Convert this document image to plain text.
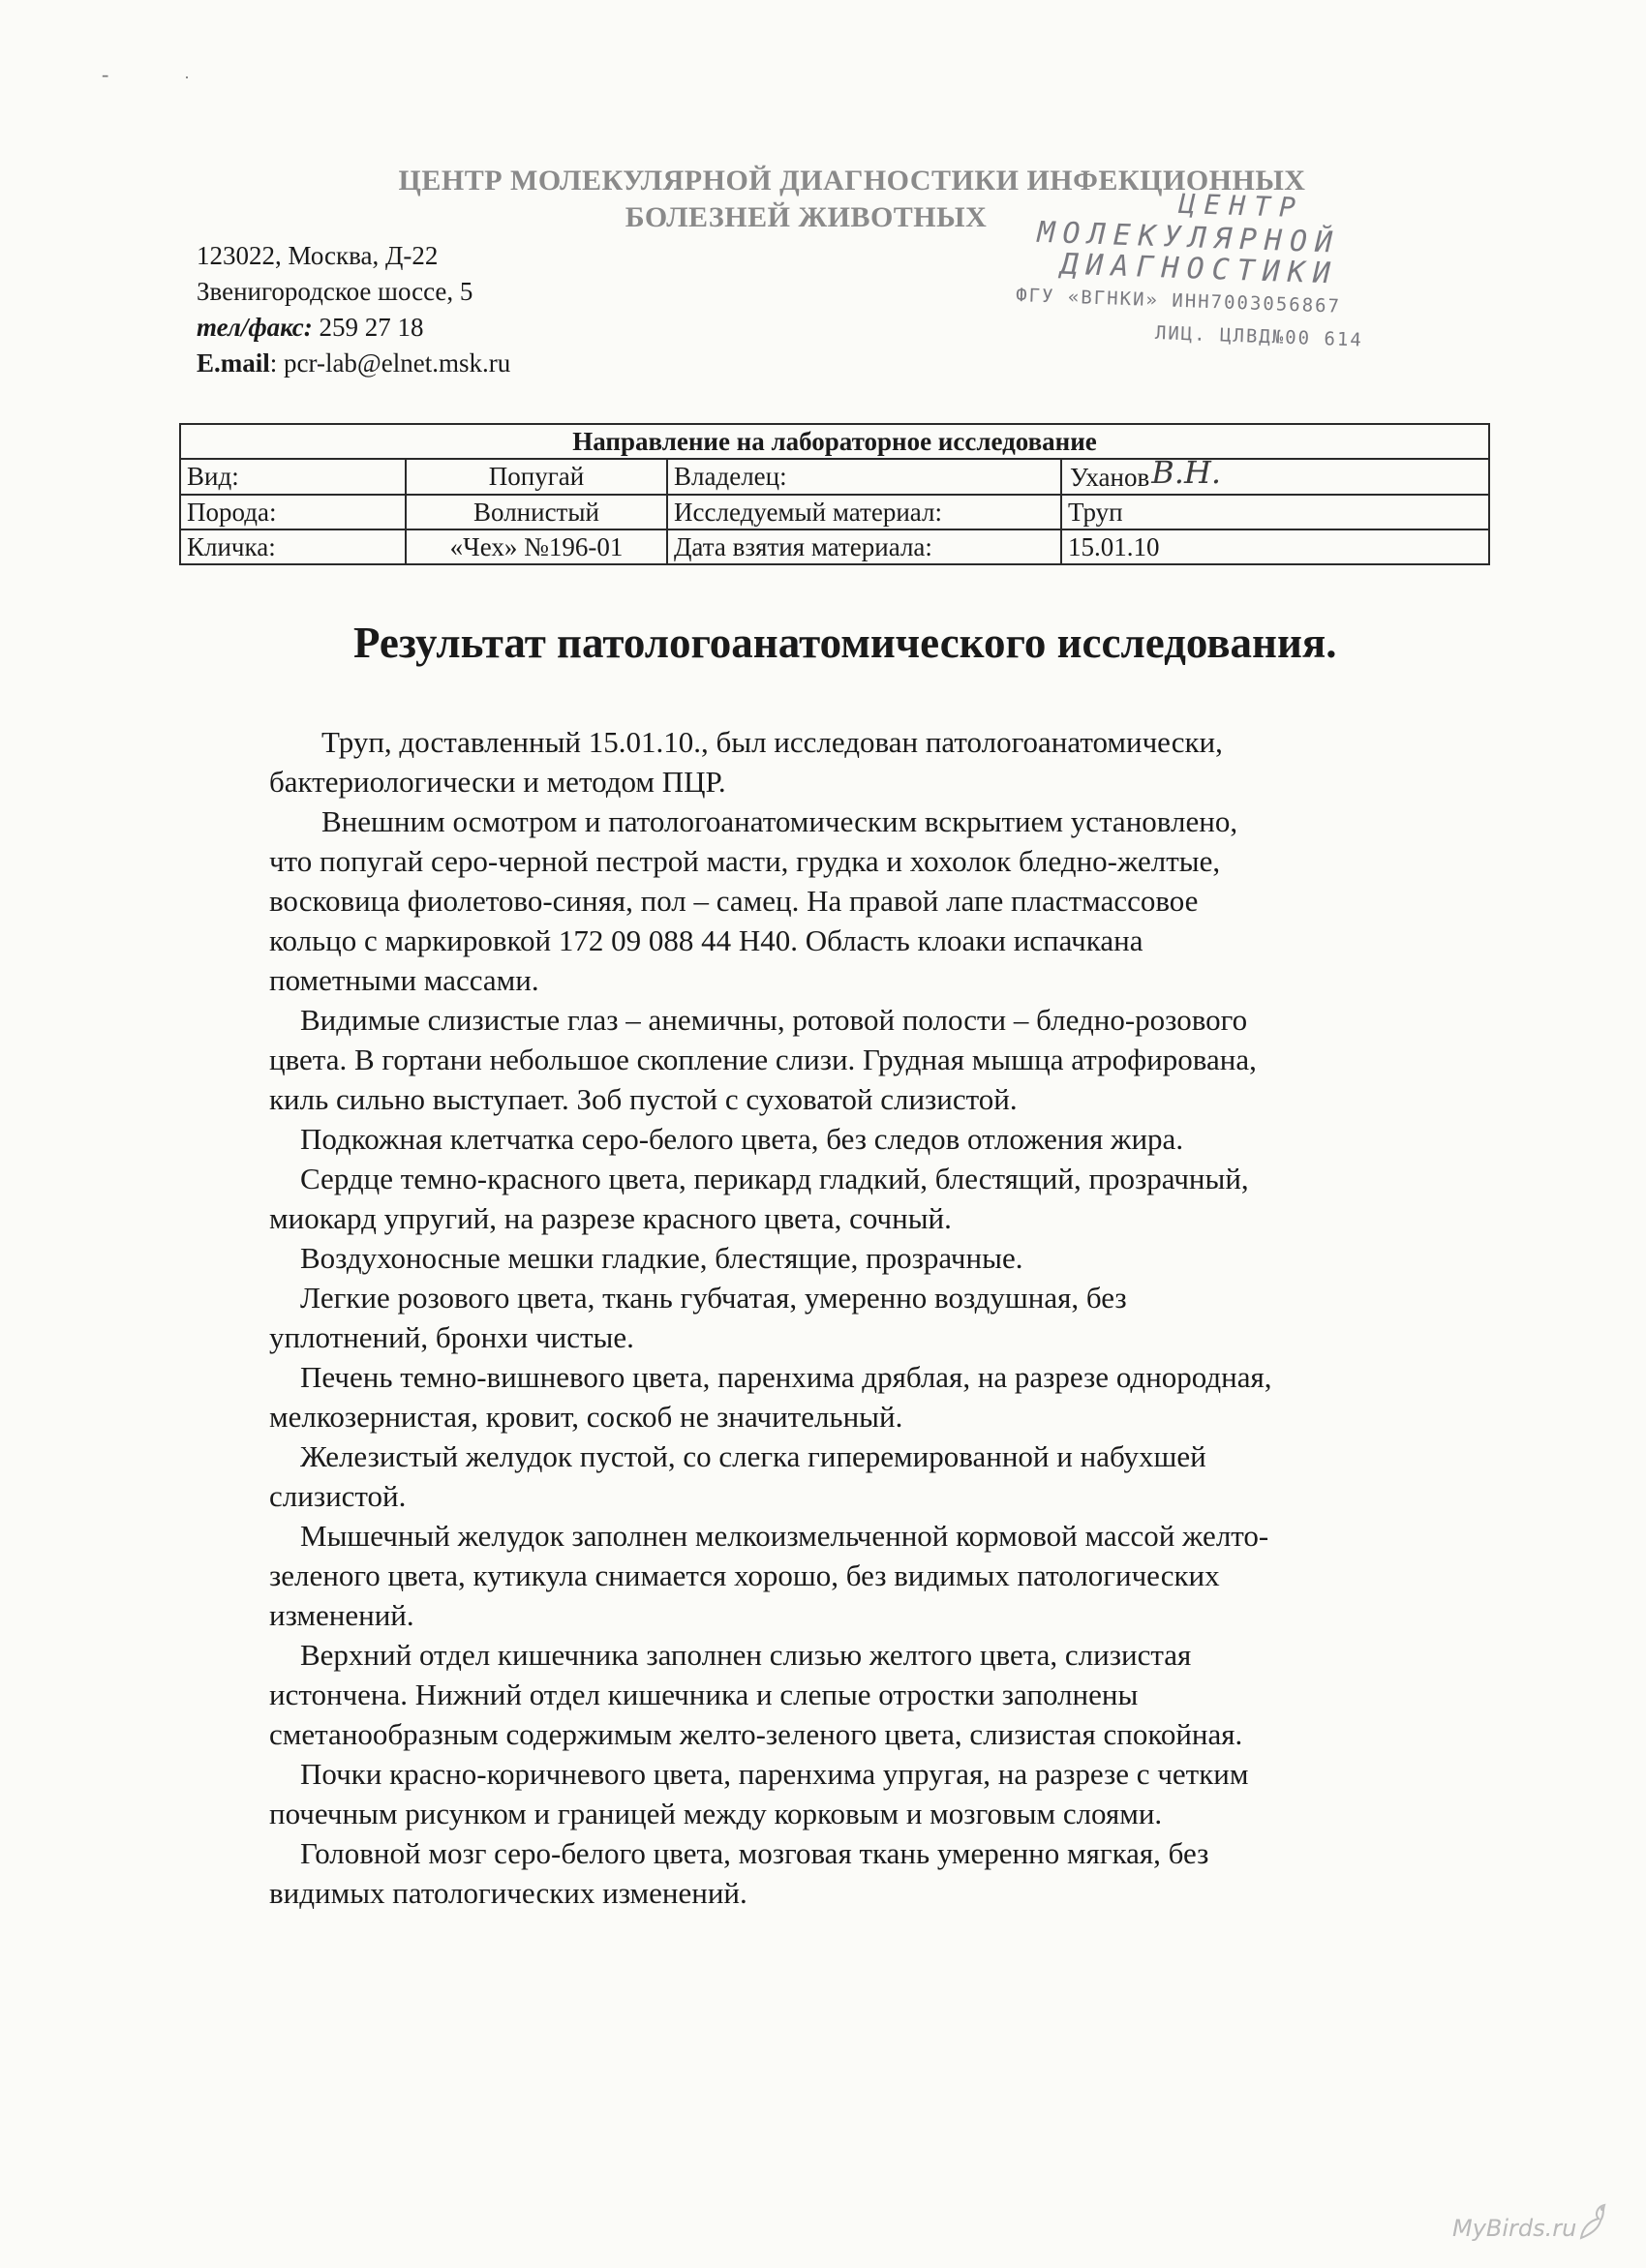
-	·
ЦЕНТР МОЛЕКУЛЯРНОЙ ДИАГНОСТИКИ ИНФЕКЦИОННЫХ
БОЛЕЗНЕЙ ЖИВОТНЫХ	ЦЕНТР
МОЛЕКУЛЯРНОЙ
ДИАГНОСТИКИ
ФГУ «ВГНКИ» ИНН7003056867
ЛИЦ. ЦЛВД№00 614
123022, Москва, Д-22
Звенигородское шоссе, 5
тел/факс: 259 27 18
E.mail: pcr-lab@elnet.msk.ru
Направление на лабораторное исследование			
Вид:	Попугай	Владелец:	УхановВ.Н.
Порода:	Волнистый	Исследуемый материал:	Труп
Кличка:	«Чех» №196-01	Дата взятия материала:	15.01.10
Результат патологоанатомического исследования.

Труп, доставленный 15.01.10., был исследован патологоанатомически,

бактериологически и методом ПЦР.

Внешним осмотром и патологоанатомическим вскрытием установлено,

что попугай серо-черной пестрой масти, грудка и хохолок бледно-желтые,

восковица фиолетово-синяя, пол – самец. На правой лапе пластмассовое

кольцо с маркировкой 172 09 088 44 Н40. Область клоаки испачкана

пометными массами.

Видимые слизистые глаз – анемичны, ротовой полости – бледно-розового

цвета. В гортани небольшое скопление слизи. Грудная мышца атрофирована,

киль сильно выступает. Зоб пустой с суховатой слизистой.

Подкожная клетчатка серо-белого цвета, без следов отложения жира.

Сердце темно-красного цвета, перикард гладкий, блестящий, прозрачный,

миокард упругий, на разрезе красного цвета, сочный.

Воздухоносные мешки гладкие, блестящие, прозрачные.

Легкие розового цвета, ткань губчатая, умеренно воздушная, без

уплотнений, бронхи чистые.

Печень темно-вишневого цвета, паренхима дряблая, на разрезе однородная,

мелкозернистая, кровит, соскоб не значительный.

Железистый желудок пустой, со слегка гиперемированной и набухшей

слизистой.

Мышечный желудок заполнен мелкоизмельченной кормовой массой желто-

зеленого цвета, кутикула снимается хорошо, без видимых патологических

изменений.

Верхний отдел кишечника заполнен слизью желтого цвета, слизистая

истончена. Нижний отдел кишечника и слепые отростки заполнены

сметанообразным содержимым желто-зеленого цвета, слизистая спокойная.

Почки красно-коричневого цвета, паренхима упругая, на разрезе с четким

почечным рисунком и границей между корковым и мозговым слоями.

Головной мозг серо-белого цвета, мозговая ткань умеренно мягкая, без

видимых патологических изменений.

MyBirds.ru
